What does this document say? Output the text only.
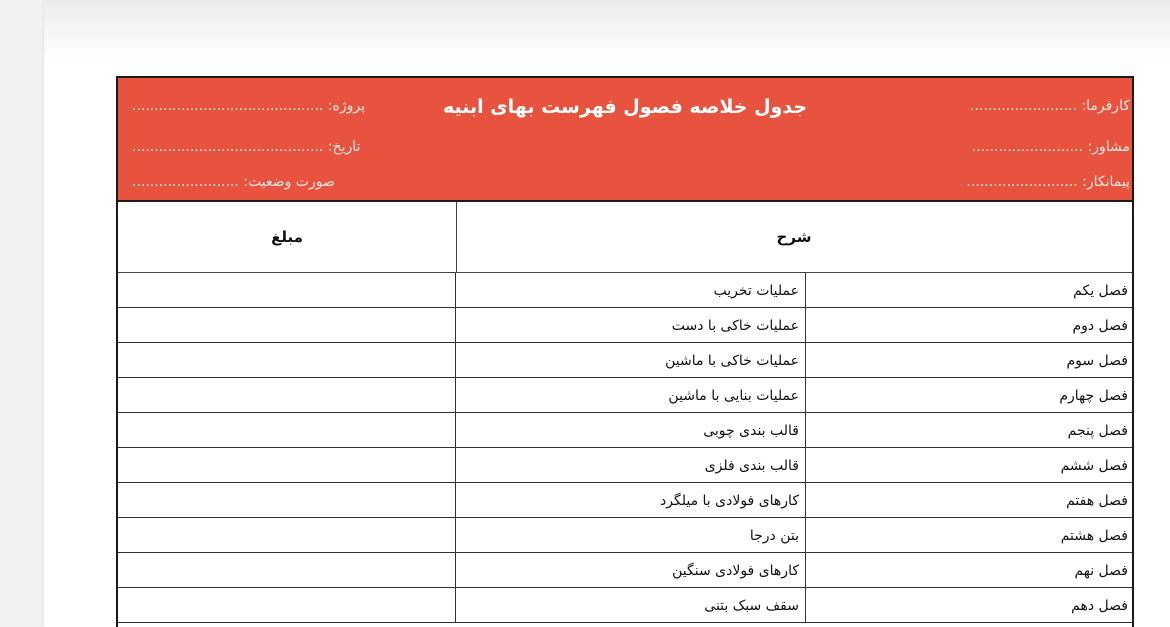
جدول خلاصه فصول فهرست بهای ابنیه	کارفرما: ........................
مشاور: .........................
پیمانکار: .........................
پروژه: ...........................................
تاریخ: ...........................................
صورت وضعیت: ........................
شرح
مبلغ
فصل یکم
عملیات تخریب
فصل دوم
عملیات خاکی با دست
فصل سوم
عملیات خاکی با ماشین
فصل چهارم
عملیات بنایی با ماشین
فصل پنجم
قالب بندی چوبی
فصل ششم
قالب بندی فلزی
فصل هفتم
کارهای فولادی با میلگرد
فصل هشتم
بتن درجا
فصل نهم
کارهای فولادی سنگین
فصل دهم
سقف سبک بتنی
